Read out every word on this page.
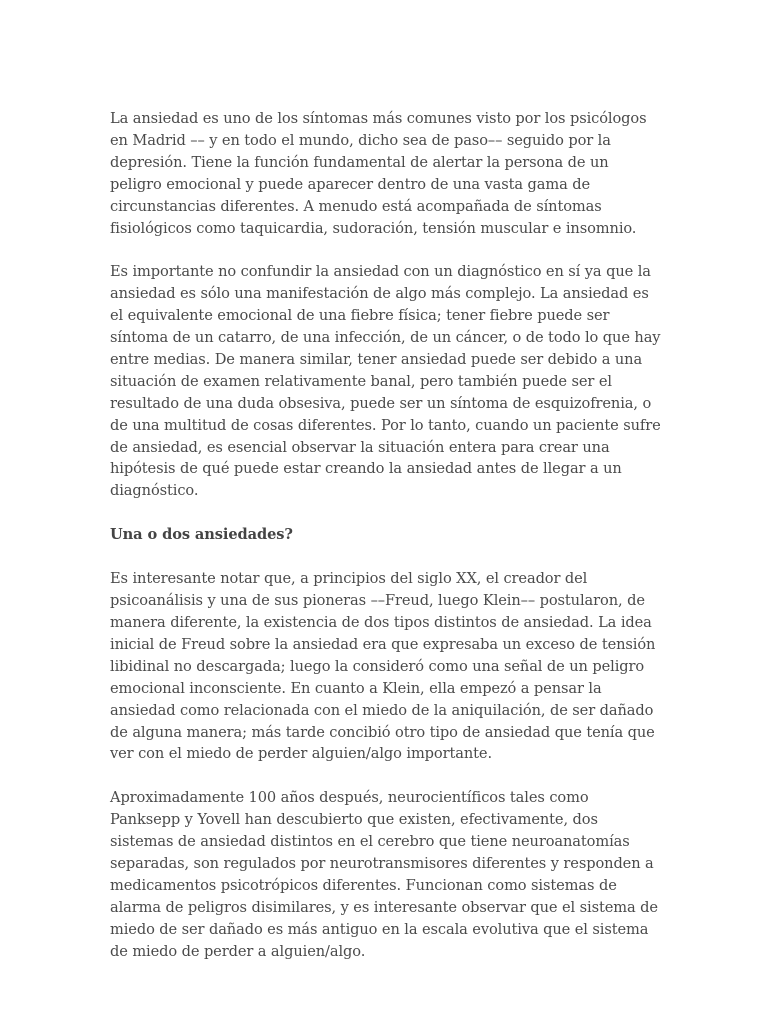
La ansiedad es uno de los síntomas más comunes visto por los psicólogos en Madrid –– y en todo el mundo, dicho sea de paso–– seguido por la depresión. Tiene la función fundamental de alertar la persona de un peligro emocional y puede aparecer dentro de una vasta gama de circunstancias diferentes. A menudo está acompañada de síntomas fisiológicos como taquicardia, sudoración, tensión muscular e insomnio.

Es importante no confundir la ansiedad con un diagnóstico en sí ya que la ansiedad es sólo una manifestación de algo más complejo. La ansiedad es el equivalente emocional de una fiebre física; tener fiebre puede ser síntoma de un catarro, de una infección, de un cáncer, o de todo lo que hay entre medias. De manera similar, tener ansiedad puede ser debido a una situación de examen relativamente banal, pero también puede ser el resultado de una duda obsesiva, puede ser un síntoma de esquizofrenia, o de una multitud de cosas diferentes. Por lo tanto, cuando un paciente sufre de ansiedad, es esencial observar la situación entera para crear una hipótesis de qué puede estar creando la ansiedad antes de llegar a un diagnóstico.

Una o dos ansiedades?

Es interesante notar que, a principios del siglo XX, el creador del psicoanálisis y una de sus pioneras ––Freud, luego Klein–– postularon, de manera diferente, la existencia de dos tipos distintos de ansiedad. La idea inicial de Freud sobre la ansiedad era que expresaba un exceso de tensión libidinal no descargada; luego la consideró como una señal de un peligro emocional inconsciente. En cuanto a Klein, ella empezó a pensar la ansiedad como relacionada con el miedo de la aniquilación, de ser dañado de alguna manera; más tarde concibió otro tipo de ansiedad que tenía que ver con el miedo de perder alguien/algo importante.

Aproximadamente 100 años después, neurocientíficos tales como Panksepp y Yovell han descubierto que existen, efectivamente, dos sistemas de ansiedad distintos en el cerebro que tiene neuroanatomías separadas, son regulados por neurotransmisores diferentes y responden a medicamentos psicotrópicos diferentes. Funcionan como sistemas de alarma de peligros disimilares, y es interesante observar que el sistema de miedo de ser dañado es más antiguo en la escala evolutiva que el sistema de miedo de perder a alguien/algo.
